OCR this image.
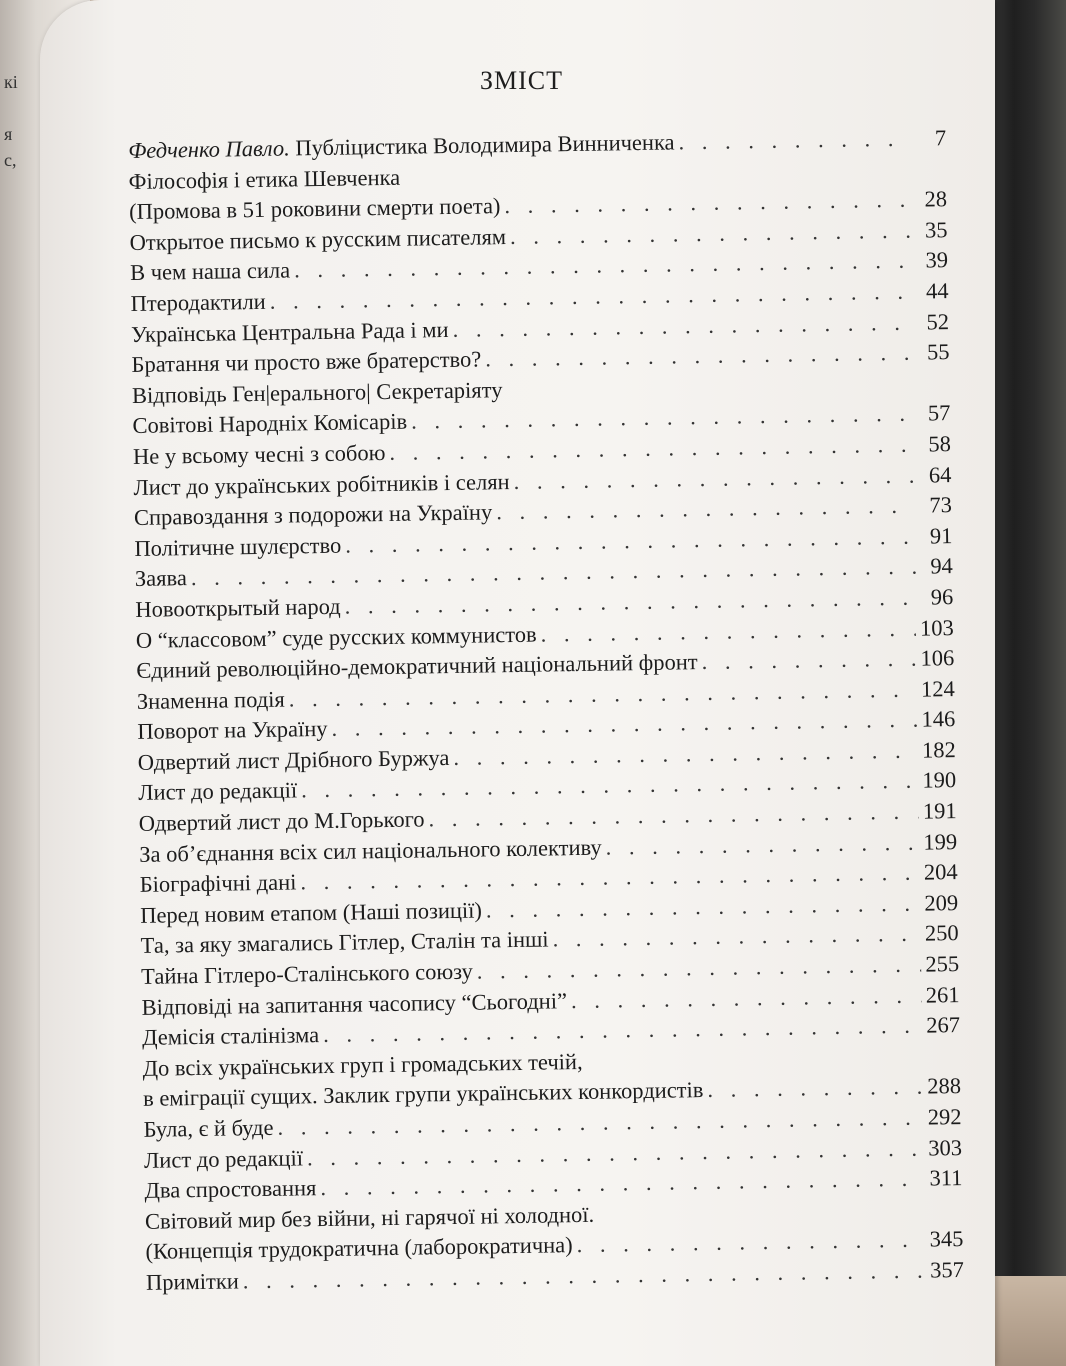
кі
я
с,
ЗМІСТ
Федченко Павло. Публіцистика Володимира Винниченка . . .	7
Філософія і етика Шевченка
(Промова в 51 роковини смерти поета) . . .	28
Открытое письмо к русским писателям . . .	35
В чем наша сила . . .	39
Птеродактили . . .	44
Українська Центральна Рада і ми . . .	52
Братання чи просто вже братерство? . . .	55
Відповідь Ген|ерального| Секретаріяту
Совітові Народніх Комісарів . . .	57
Не у всьому чесні з собою . . .	58
Лист до українських робітників і селян . . .	64
Справоздання з подорожи на Україну . . .	73
Політичне шулєрство . . .	91
Заява . . .	94
Новооткрытый народ . . .	96
О “классовом” суде русских коммунистов . . .	103
Єдиний революційно-демократичний національний фронт . . .	106
Знаменна подія . . .	124
Поворот на Україну . . .	146
Одвертий лист Дрібного Буржуа . . .	182
Лист до редакції . . .	190
Одвертий лист до М.Горького . . .	191
За об’єднання всіх сил національного колективу . . .	199
Біографічні дані . . .	204
Перед новим етапом (Наші позиції) . . .	209
Та, за яку змагались Гітлер, Сталін та інші . . .	250
Тайна Гітлеро-Сталінського союзу . . .	255
Відповіді на запитання часопису “Сьогодні” . . .	261
Демісія сталінізма . . .	267
До всіх українських груп і громадських течій,
в еміграції сущих. Заклик групи українських конкордистів . . .	288
Була, є й буде . . .	292
Лист до редакції . . .	303
Два спростовання . . .	311
Світовий мир без війни, ні гарячої ні холодної.
(Концепція трудократична (лаборократична) . . .	345
Примітки . . .	357
